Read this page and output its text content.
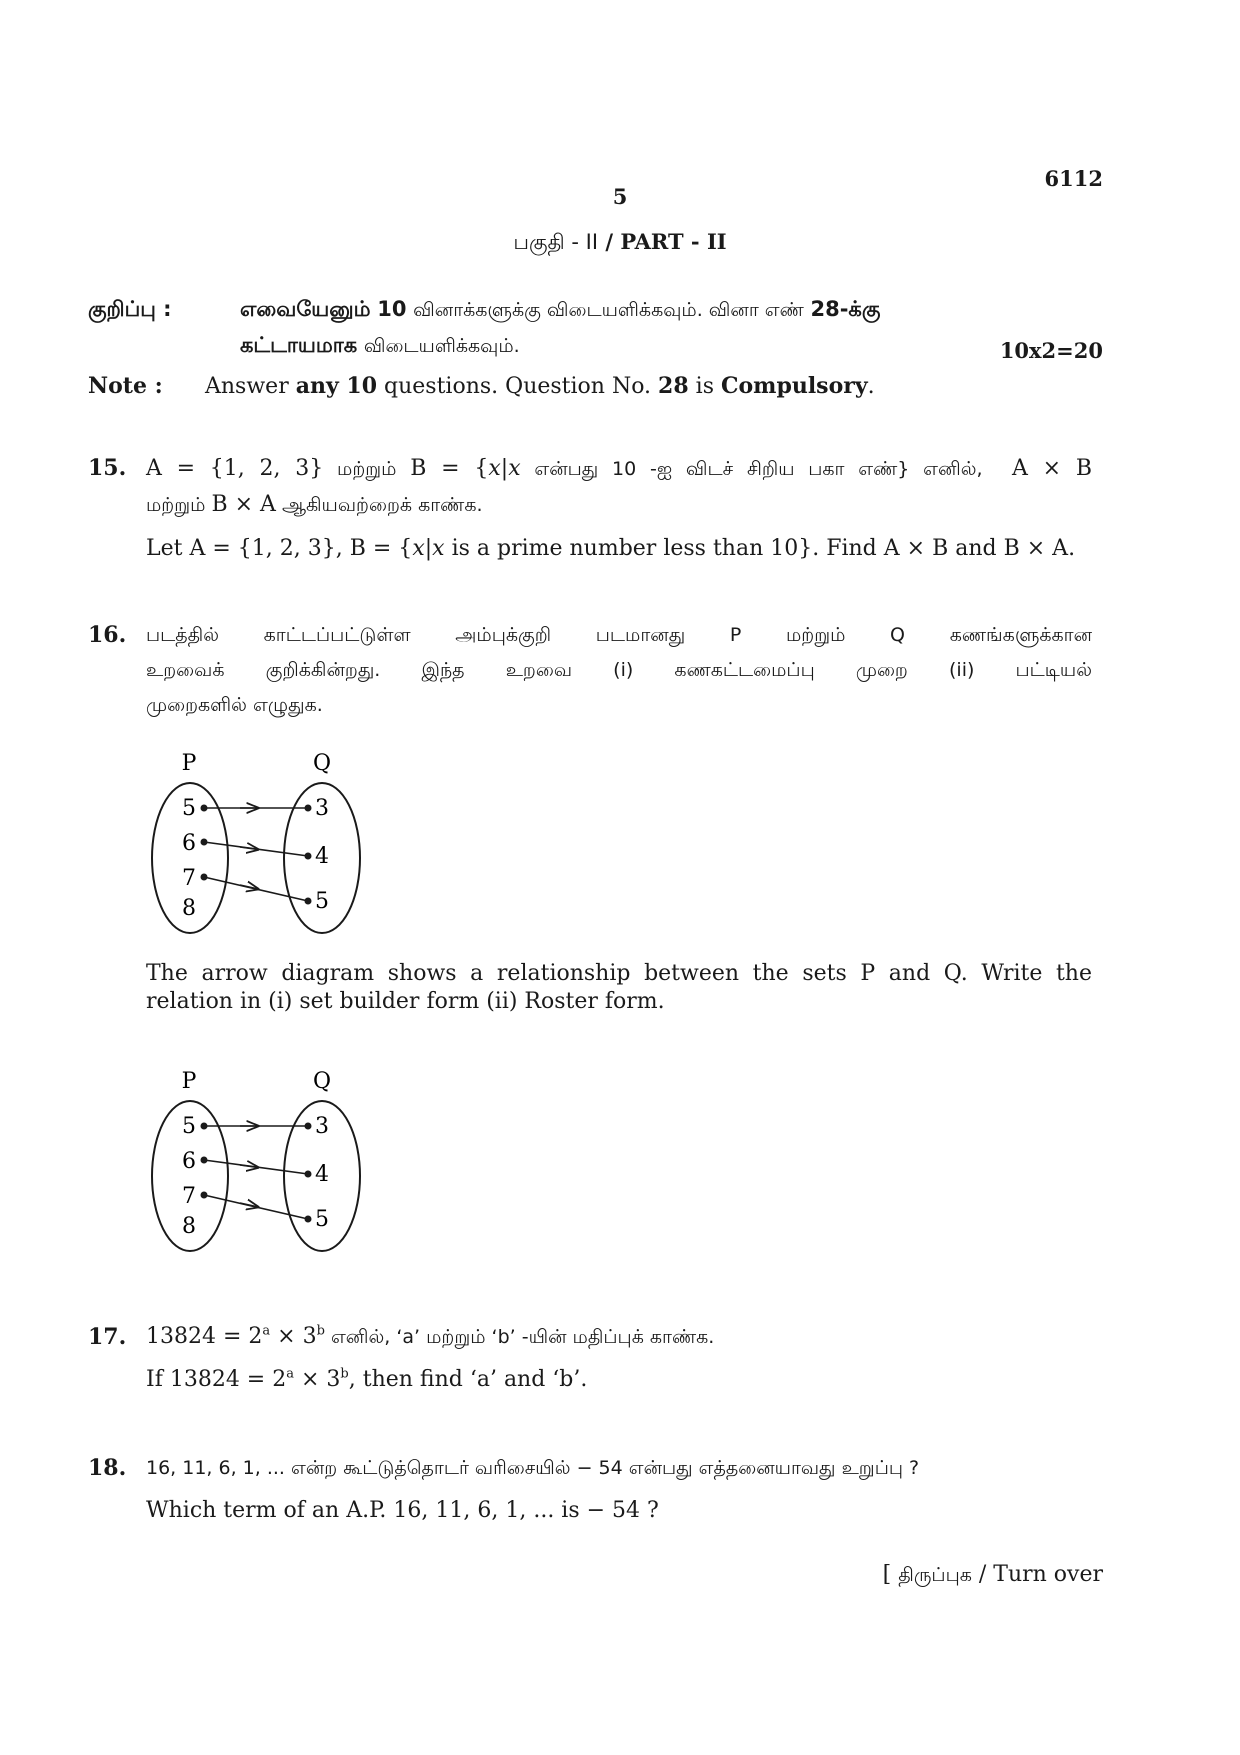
6112
5
பகுதி - II / PART - II
குறிப்பு :	எவையேனும் 10 வினாக்களுக்கு விடையளிக்கவும். வினா எண் 28-க்கு
கட்டாயமாக விடையளிக்கவும்.	10x2=20
Note : Answer any 10 questions. Question No. 28 is Compulsory.
15. A = {1, 2, 3} மற்றும் B = {x|x என்பது 10 -ஐ விடச் சிறிய பகா எண்} எனில், A × B
மற்றும் B × A ஆகியவற்றைக் காண்க.
Let A = {1, 2, 3}, B = {x|x is a prime number less than 10}. Find A × B and B × A.
16. படத்தில் காட்டப்பட்டுள்ள அம்புக்குறி படமானது P மற்றும் Q கணங்களுக்கான
உறவைக் குறிக்கின்றது. இந்த உறவை (i) கணகட்டமைப்பு முறை (ii) பட்டியல்
முறைகளில் எழுதுக.
P	Q
5
6
7
8
3
4
5
The arrow diagram shows a relationship between the sets P and Q. Write the
relation in (i) set builder form (ii) Roster form.
P	Q
5
6
7
8
3
4
5
17. $13824 = 2^a \times 3^b$ எனில், ‘a’ மற்றும் ‘b’ -யின் மதிப்புக் காண்க.
If $13824 = 2^a \times 3^b$, then find ‘a’ and ‘b’.
18. 16, 11, 6, 1, ... என்ற கூட்டுத்தொடர் வரிசையில் − 54 என்பது எத்தனையாவது உறுப்பு ?
Which term of an A.P. 16, 11, 6, 1, ... is − 54 ?
[ திருப்புக / Turn over
